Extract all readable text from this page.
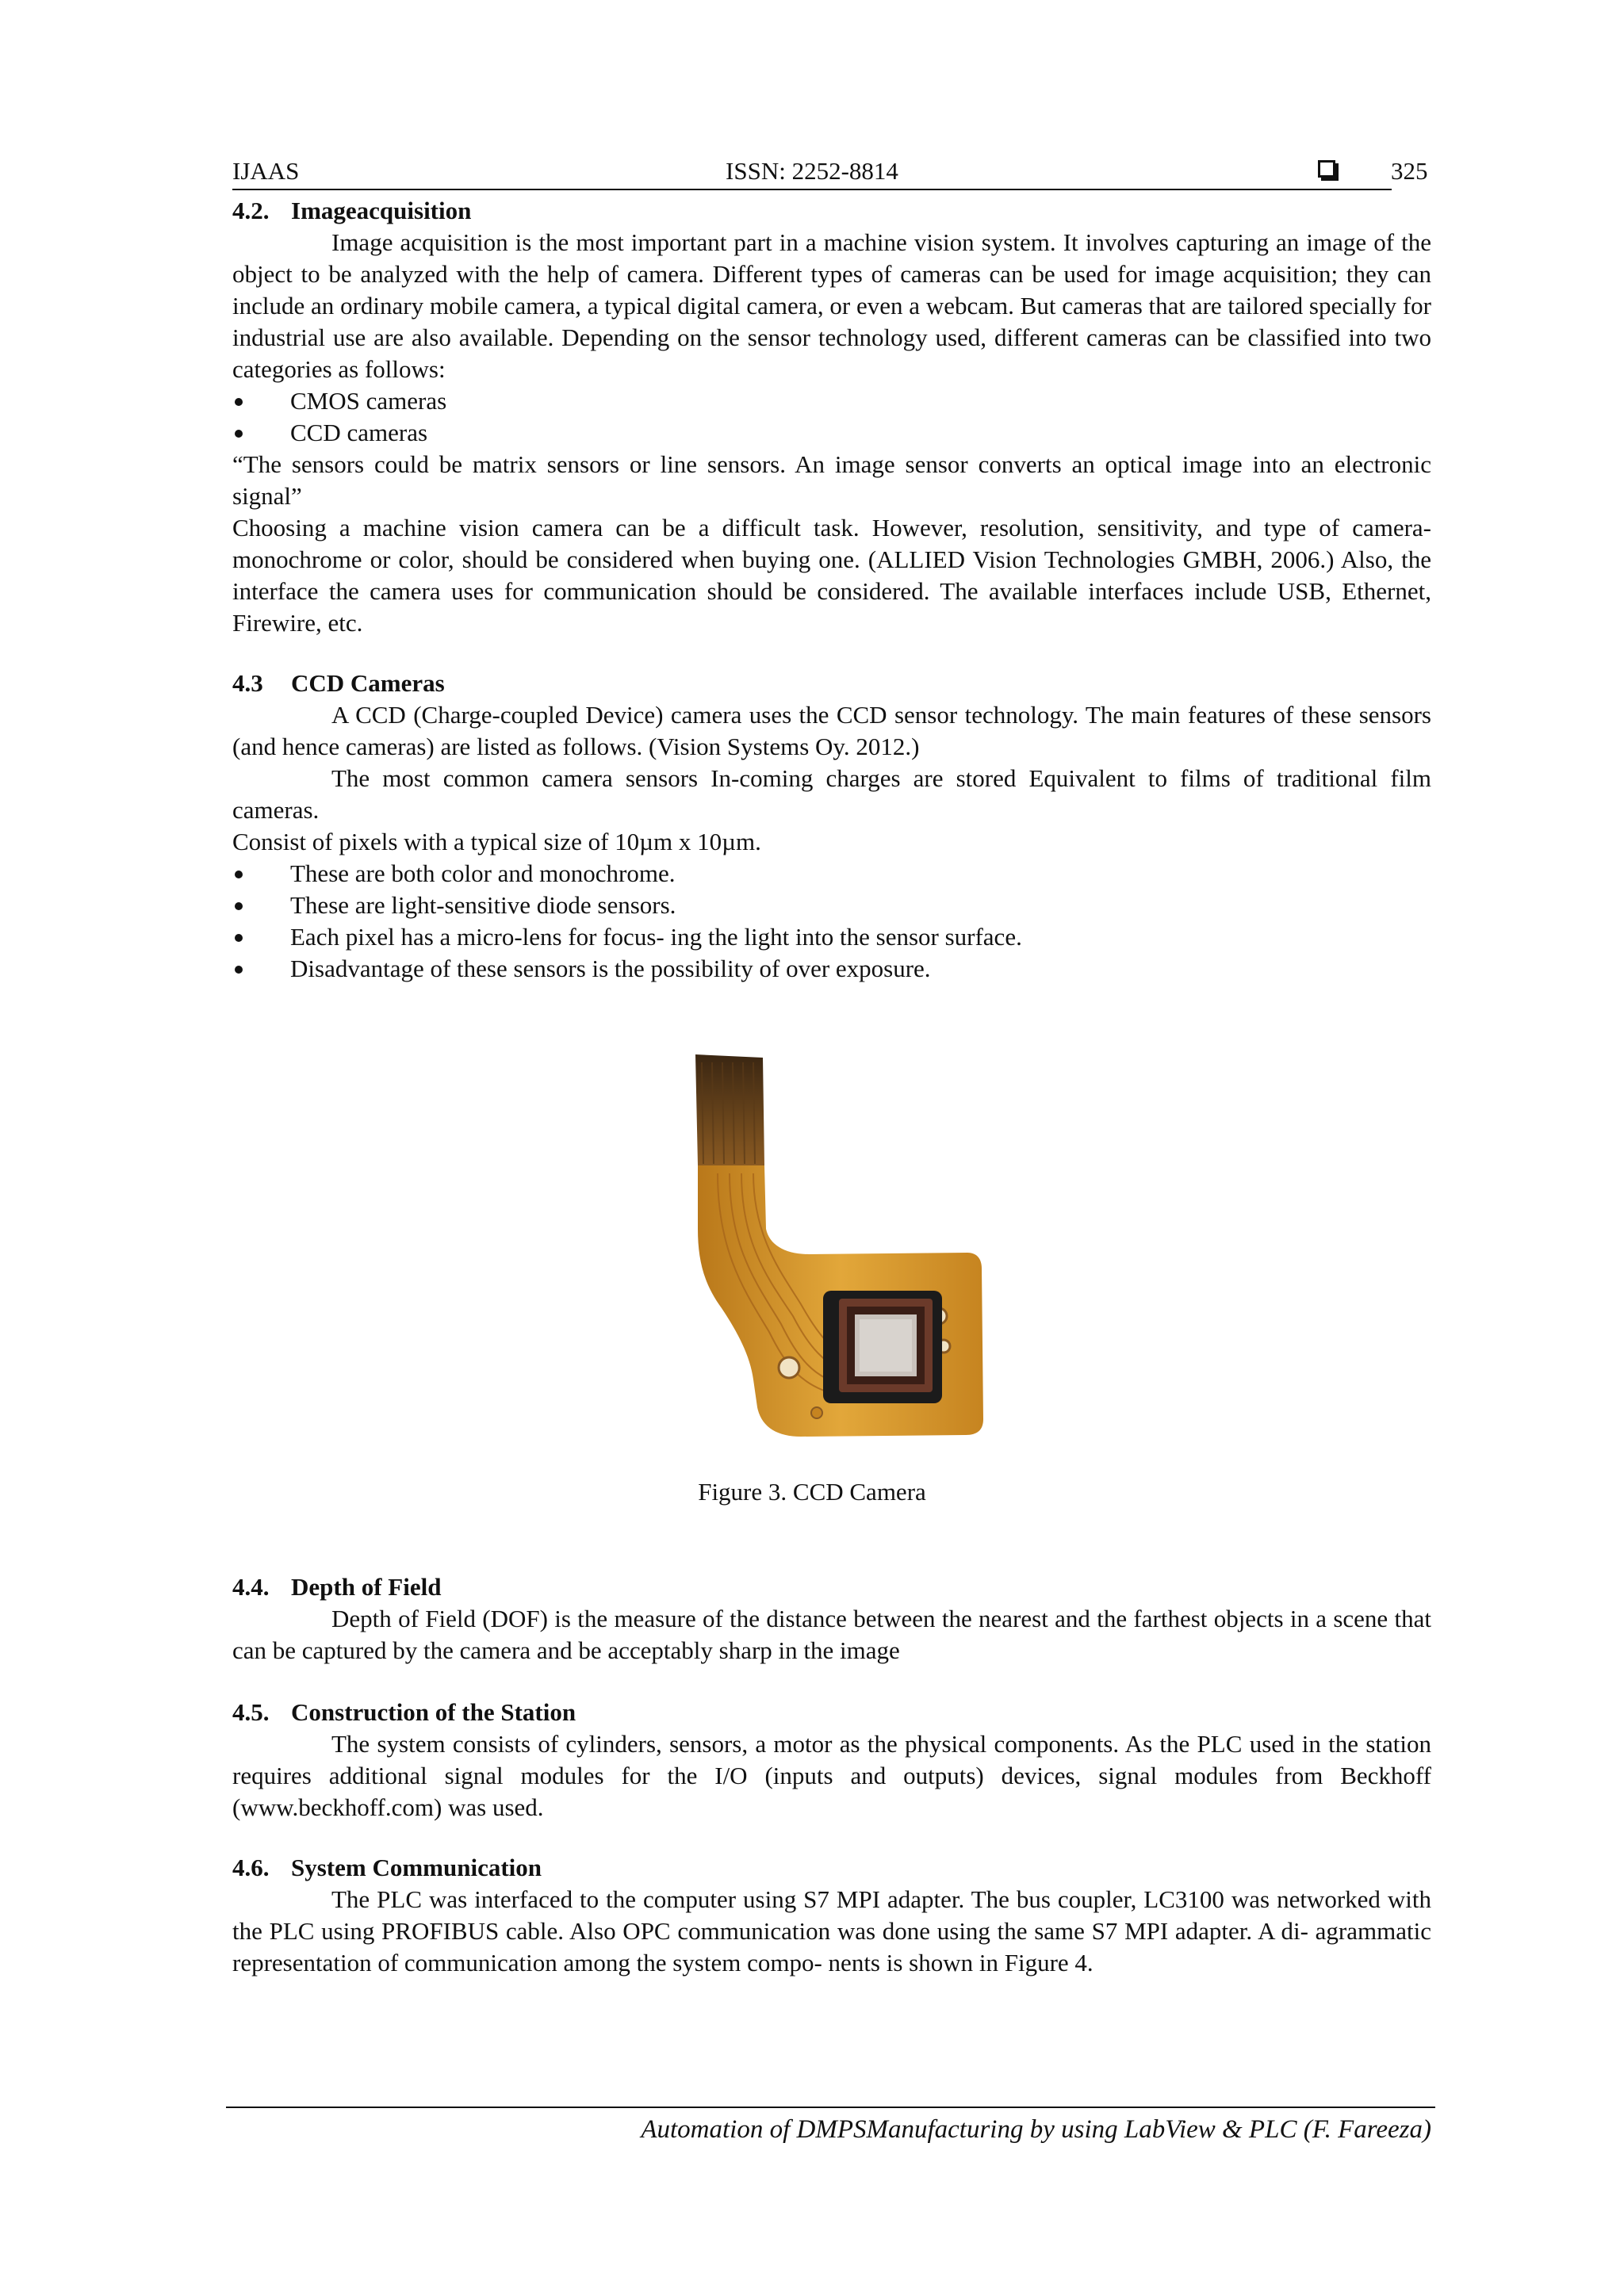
IJAAS	ISSN: 2252-8814	325
4.2. Imageacquisition
Image acquisition is the most important part in a machine vision system. It involves capturing an image of the object to be analyzed with the help of camera. Different types of cameras can be used for image acquisition; they can include an ordinary mobile camera, a typical digital camera, or even a webcam. But cameras that are tailored specially for industrial use are also available. Depending on the sensor technology used, different cameras can be classified into two categories as follows:
CMOS cameras
CCD cameras
“The sensors could be matrix sensors or line sensors. An image sensor converts an optical image into an electronic signal”
Choosing a machine vision camera can be a difficult task. However, resolution, sensitivity, and type of camera-monochrome or color, should be considered when buying one. (ALLIED Vision Technologies GMBH, 2006.) Also, the interface the camera uses for communication should be considered. The available interfaces include USB, Ethernet, Firewire, etc.
4.3 CCD Cameras
A CCD (Charge-coupled Device) camera uses the CCD sensor technology. The main features of these sensors (and hence cameras) are listed as follows. (Vision Systems Oy. 2012.)
The most common camera sensors In-coming charges are stored Equivalent to films of traditional film cameras.
Consist of pixels with a typical size of 10µm x 10µm.
These are both color and monochrome.
These are light-sensitive diode sensors.
Each pixel has a micro-lens for focus- ing the light into the sensor surface.
Disadvantage of these sensors is the possibility of over exposure.
Figure 3. CCD Camera
4.4. Depth of Field
Depth of Field (DOF) is the measure of the distance between the nearest and the farthest objects in a scene that can be captured by the camera and be acceptably sharp in the image
4.5. Construction of the Station
The system consists of cylinders, sensors, a motor as the physical components. As the PLC used in the station requires additional signal modules for the I/O (inputs and outputs) devices, signal modules from Beckhoff (www.beckhoff.com) was used.
4.6. System Communication
The PLC was interfaced to the computer using S7 MPI adapter. The bus coupler, LC3100 was networked with the PLC using PROFIBUS cable. Also OPC communication was done using the same S7 MPI adapter. A di- agrammatic representation of communication among the system compo- nents is shown in Figure 4.
Automation of DMPSManufacturing by using LabView & PLC (F. Fareeza)
